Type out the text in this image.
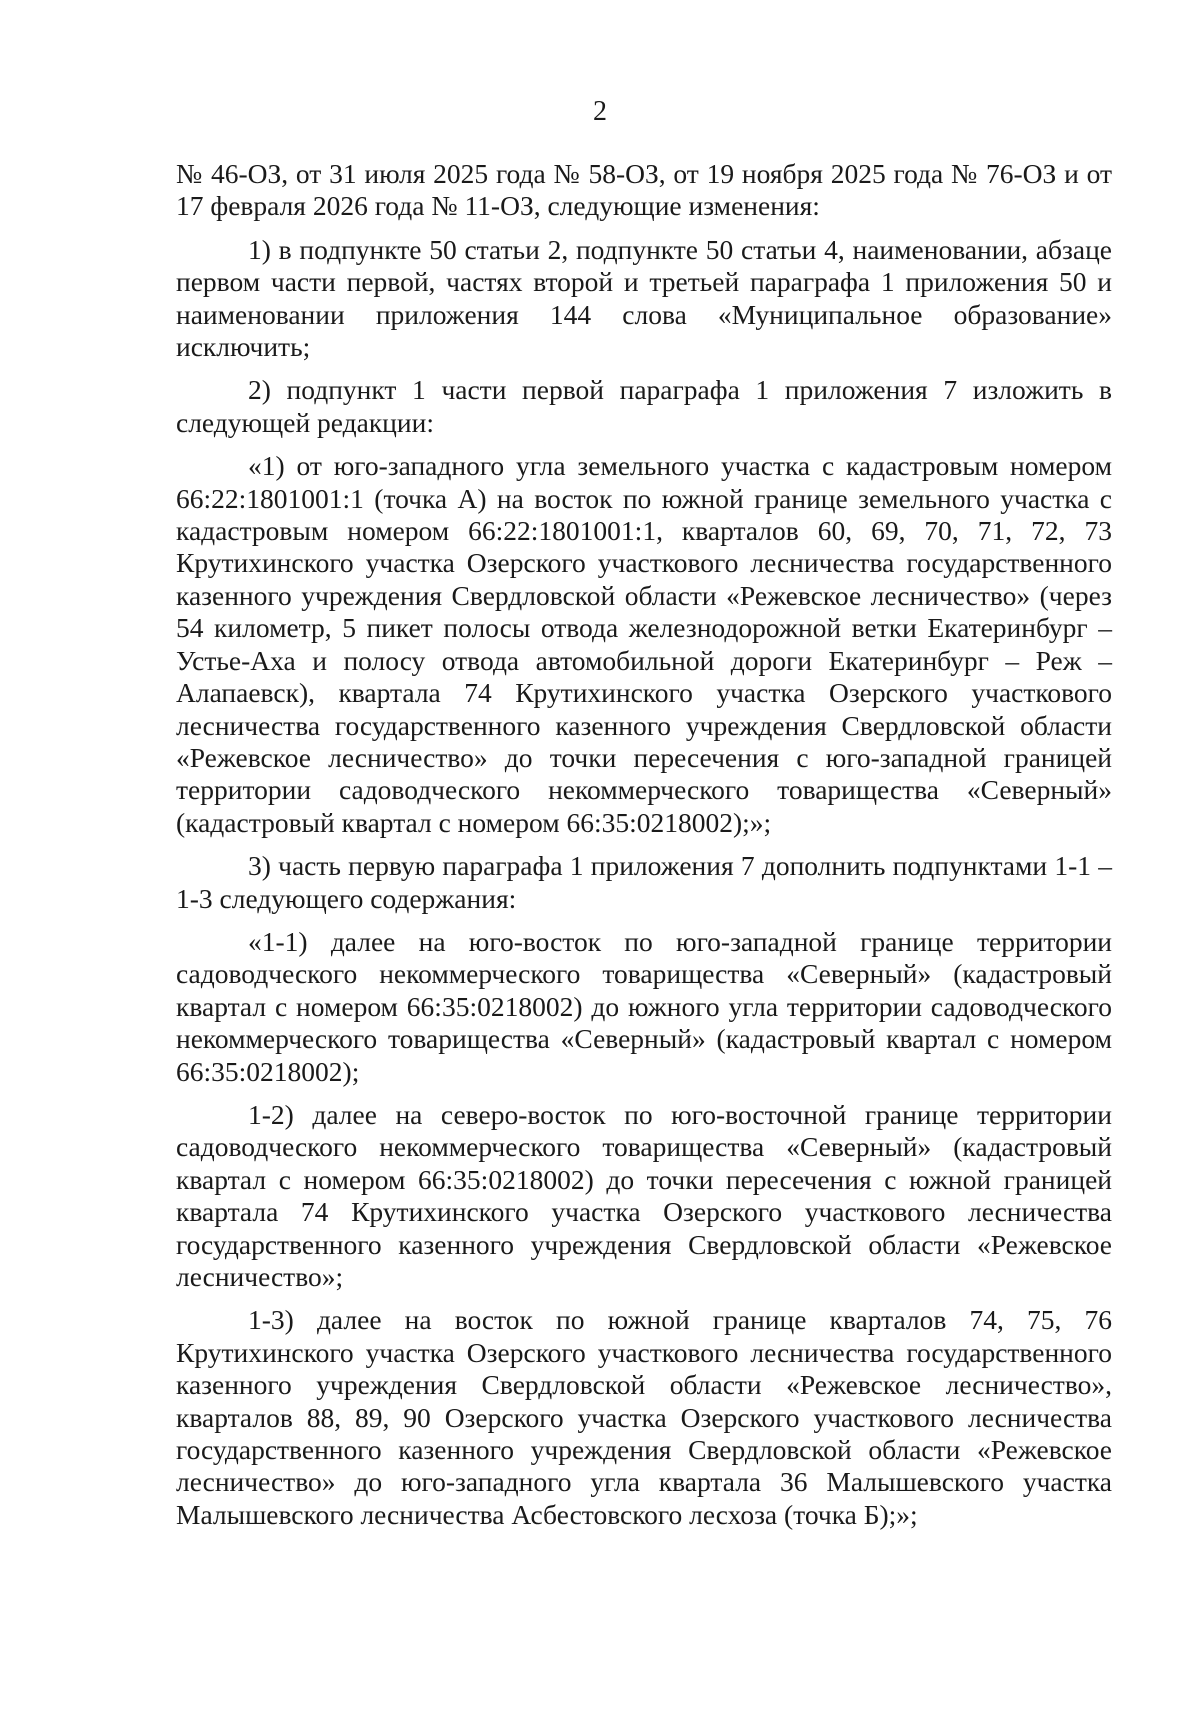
2

№ 46-ОЗ, от 31 июля 2025 года № 58-ОЗ, от 19 ноября 2025 года № 76-ОЗ и от 17 февраля 2026 года № 11-ОЗ, следующие изменения:

1) в подпункте 50 статьи 2, подпункте 50 статьи 4, наименовании, абзаце первом части первой, частях второй и третьей параграфа 1 приложения 50 и наименовании приложения 144 слова «Муниципальное образование» исключить;

2) подпункт 1 части первой параграфа 1 приложения 7 изложить в следующей редакции:

«1) от юго-западного угла земельного участка с кадастровым номером 66:22:1801001:1 (точка А) на восток по южной границе земельного участка с кадастровым номером 66:22:1801001:1, кварталов 60, 69, 70, 71, 72, 73 Крутихинского участка Озерского участкового лесничества государственного казенного учреждения Свердловской области «Режевское лесничество» (через 54 километр, 5 пикет полосы отвода железнодорожной ветки Екатеринбург – Устье-Аха и полосу отвода автомобильной дороги Екатеринбург – Реж – Алапаевск), квартала 74 Крутихинского участка Озерского участкового лесничества государственного казенного учреждения Свердловской области «Режевское лесничество» до точки пересечения с юго-западной границей территории садоводческого некоммерческого товарищества «Северный» (кадастровый квартал с номером 66:35:0218002);»;

3) часть первую параграфа 1 приложения 7 дополнить подпунктами 1-1 – 1-3 следующего содержания:

«1-1) далее на юго-восток по юго-западной границе территории садоводческого некоммерческого товарищества «Северный» (кадастровый квартал с номером 66:35:0218002) до южного угла территории садоводческого некоммерческого товарищества «Северный» (кадастровый квартал с номером 66:35:0218002);

1-2) далее на северо-восток по юго-восточной границе территории садоводческого некоммерческого товарищества «Северный» (кадастровый квартал с номером 66:35:0218002) до точки пересечения с южной границей квартала 74 Крутихинского участка Озерского участкового лесничества государственного казенного учреждения Свердловской области «Режевское лесничество»;

1-3) далее на восток по южной границе кварталов 74, 75, 76 Крутихинского участка Озерского участкового лесничества государственного казенного учреждения Свердловской области «Режевское лесничество», кварталов 88, 89, 90 Озерского участка Озерского участкового лесничества государственного казенного учреждения Свердловской области «Режевское лесничество» до юго-западного угла квартала 36 Малышевского участка Малышевского лесничества Асбестовского лесхоза (точка Б);»;
